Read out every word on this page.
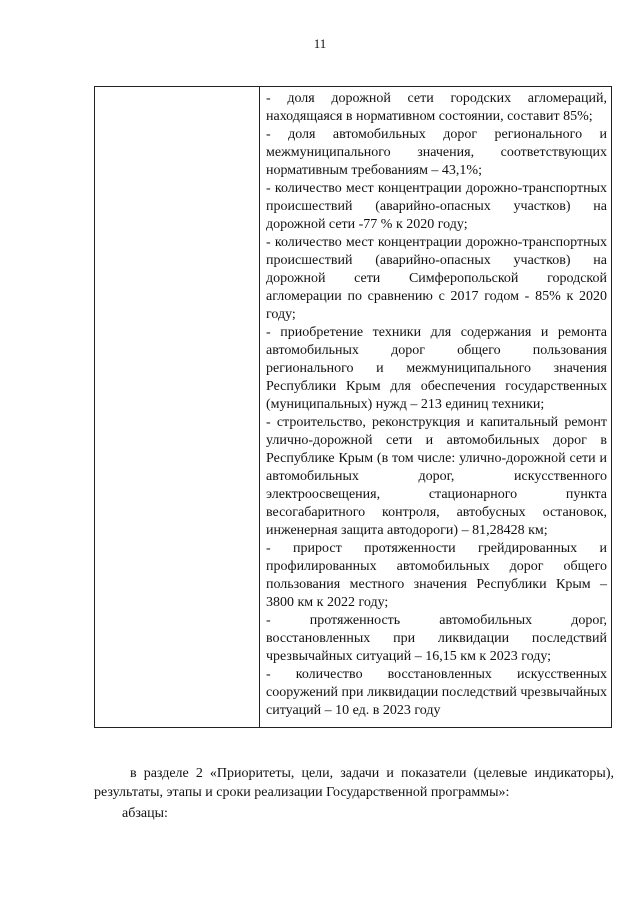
11

- доля дорожной сети городских агломераций, находящаяся в нормативном состоянии, составит 85%;

- доля автомобильных дорог регионального и межмуниципального значения, соответствующих нормативным требованиям – 43,1%;

- количество мест концентрации дорожно-транспортных происшествий (аварийно-опасных участков) на дорожной сети -77 % к 2020 году;

- количество мест концентрации дорожно-транспортных происшествий (аварийно-опасных участков) на дорожной сети Симферопольской городской агломерации по сравнению с 2017 годом - 85% к 2020 году;

- приобретение техники для содержания и ремонта автомобильных дорог общего пользования регионального и межмуниципального значения Республики Крым для обеспечения государственных (муниципальных) нужд – 213 единиц техники;

- строительство, реконструкция и капитальный ремонт улично-дорожной сети и автомобильных дорог в Республике Крым (в том числе: улично-дорожной сети и автомобильных дорог, искусственного электроосвещения, стационарного пункта весогабаритного контроля, автобусных остановок, инженерная защита автодороги) – 81,28428 км;

- прирост протяженности грейдированных и профилированных автомобильных дорог общего пользования местного значения Республики Крым – 3800 км к 2022 году;

- протяженность автомобильных дорог, восстановленных при ликвидации последствий чрезвычайных ситуаций – 16,15 км к 2023 году;

- количество восстановленных искусственных сооружений при ликвидации последствий чрезвычайных ситуаций – 10 ед. в 2023 году

в разделе 2 «Приоритеты, цели, задачи и показатели (целевые индикаторы), результаты, этапы и сроки реализации Государственной программы»:

абзацы:
